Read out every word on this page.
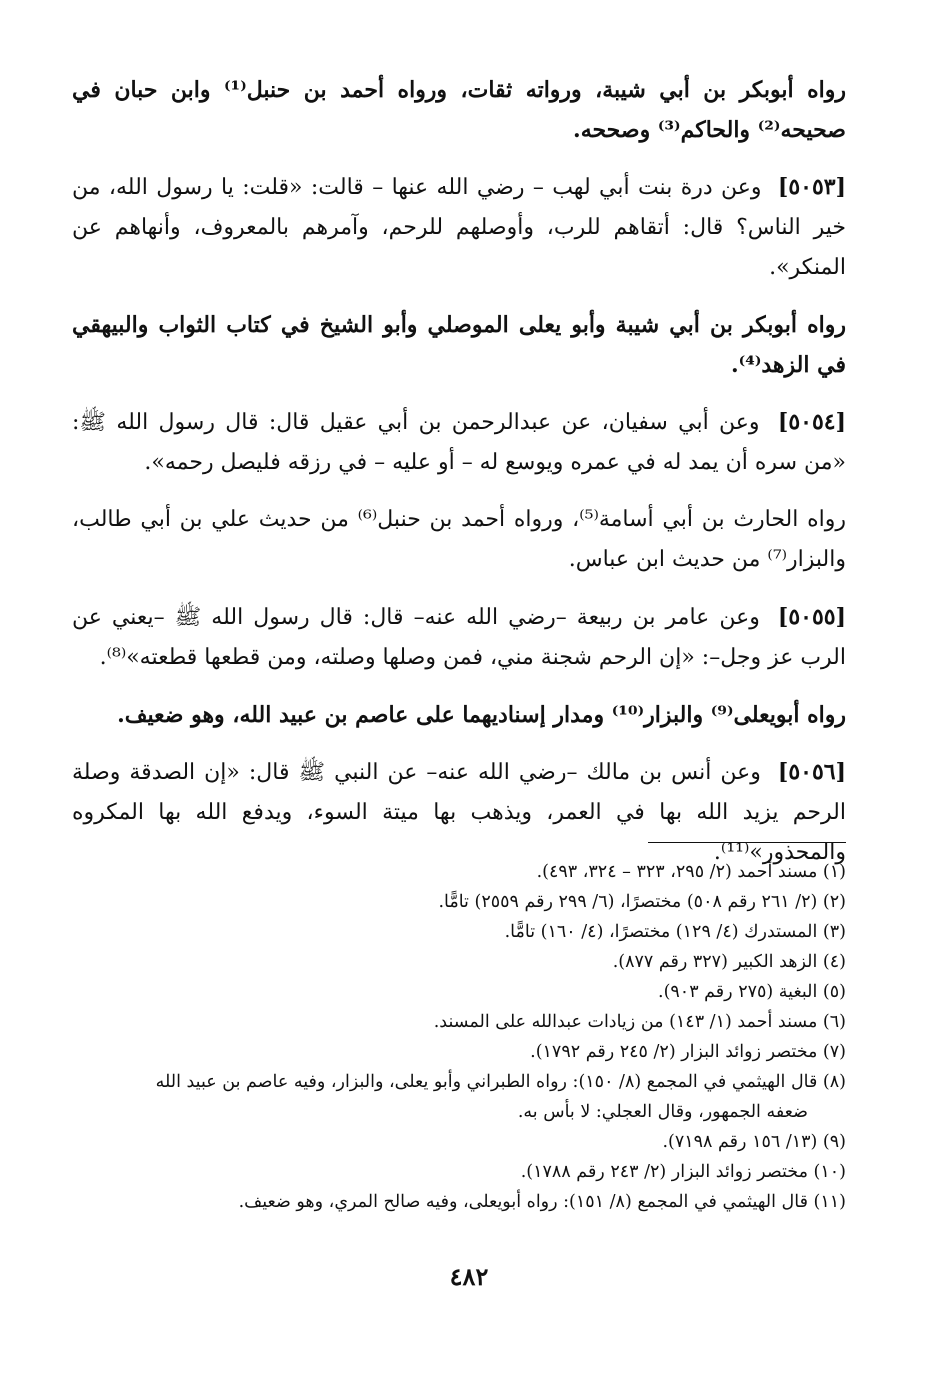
رواه أبوبكر بن أبي شيبة، ورواته ثقات، ورواه أحمد بن حنبل⁽¹⁾ وابن حبان في صحيحه⁽²⁾ والحاكم⁽³⁾ وصححه.

[٥٠٥٣] وعن درة بنت أبي لهب – رضي الله عنها – قالت: «قلت: يا رسول الله، من خير الناس؟ قال: أتقاهم للرب، وأوصلهم للرحم، وآمرهم بالمعروف، وأنهاهم عن المنكر».

رواه أبوبكر بن أبي شيبة وأبو يعلى الموصلي وأبو الشيخ في كتاب الثواب والبيهقي في الزهد⁽⁴⁾.

[٥٠٥٤] وعن أبي سفيان، عن عبدالرحمن بن أبي عقيل قال: قال رسول الله ﷺ: «من سره أن يمد له في عمره ويوسع له – أو عليه – في رزقه فليصل رحمه».

رواه الحارث بن أبي أسامة⁽⁵⁾، ورواه أحمد بن حنبل⁽⁶⁾ من حديث علي بن أبي طالب، والبزار⁽⁷⁾ من حديث ابن عباس.

[٥٠٥٥] وعن عامر بن ربيعة –رضي الله عنه– قال: قال رسول الله ﷺ –يعني عن الرب عز وجل–: «إن الرحم شجنة مني، فمن وصلها وصلته، ومن قطعها قطعته»⁽⁸⁾.

رواه أبويعلى⁽⁹⁾ والبزار⁽¹⁰⁾ ومدار إسناديهما على عاصم بن عبيد الله، وهو ضعيف.

[٥٠٥٦] وعن أنس بن مالك –رضي الله عنه– عن النبي ﷺ قال: «إن الصدقة وصلة الرحم يزيد الله بها في العمر، ويذهب بها ميتة السوء، ويدفع الله بها المكروه والمحذور»⁽¹¹⁾.

(١) مسند أحمد (٢/ ٢٩٥، ٣٢٣ – ٣٢٤، ٤٩٣).
(٢) (٢/ ٢٦١ رقم ٥٠٨) مختصرًا، (٦/ ٢٩٩ رقم ٢٥٥٩) تامًّا.
(٣) المستدرك (٤/ ١٢٩) مختصرًا، (٤/ ١٦٠) تامًّا.
(٤) الزهد الكبير (٣٢٧ رقم ٨٧٧).
(٥) البغية (٢٧٥ رقم ٩٠٣).
(٦) مسند أحمد (١/ ١٤٣) من زيادات عبدالله على المسند.
(٧) مختصر زوائد البزار (٢/ ٢٤٥ رقم ١٧٩٢).
(٨) قال الهيثمي في المجمع (٨/ ١٥٠): رواه الطبراني وأبو يعلى، والبزار، وفيه عاصم بن عبيد الله
ضعفه الجمهور، وقال العجلي: لا بأس به.
(٩) (١٣/ ١٥٦ رقم ٧١٩٨).
(١٠) مختصر زوائد البزار (٢/ ٢٤٣ رقم ١٧٨٨).
(١١) قال الهيثمي في المجمع (٨/ ١٥١): رواه أبويعلى، وفيه صالح المري، وهو ضعيف.
٤٨٢
